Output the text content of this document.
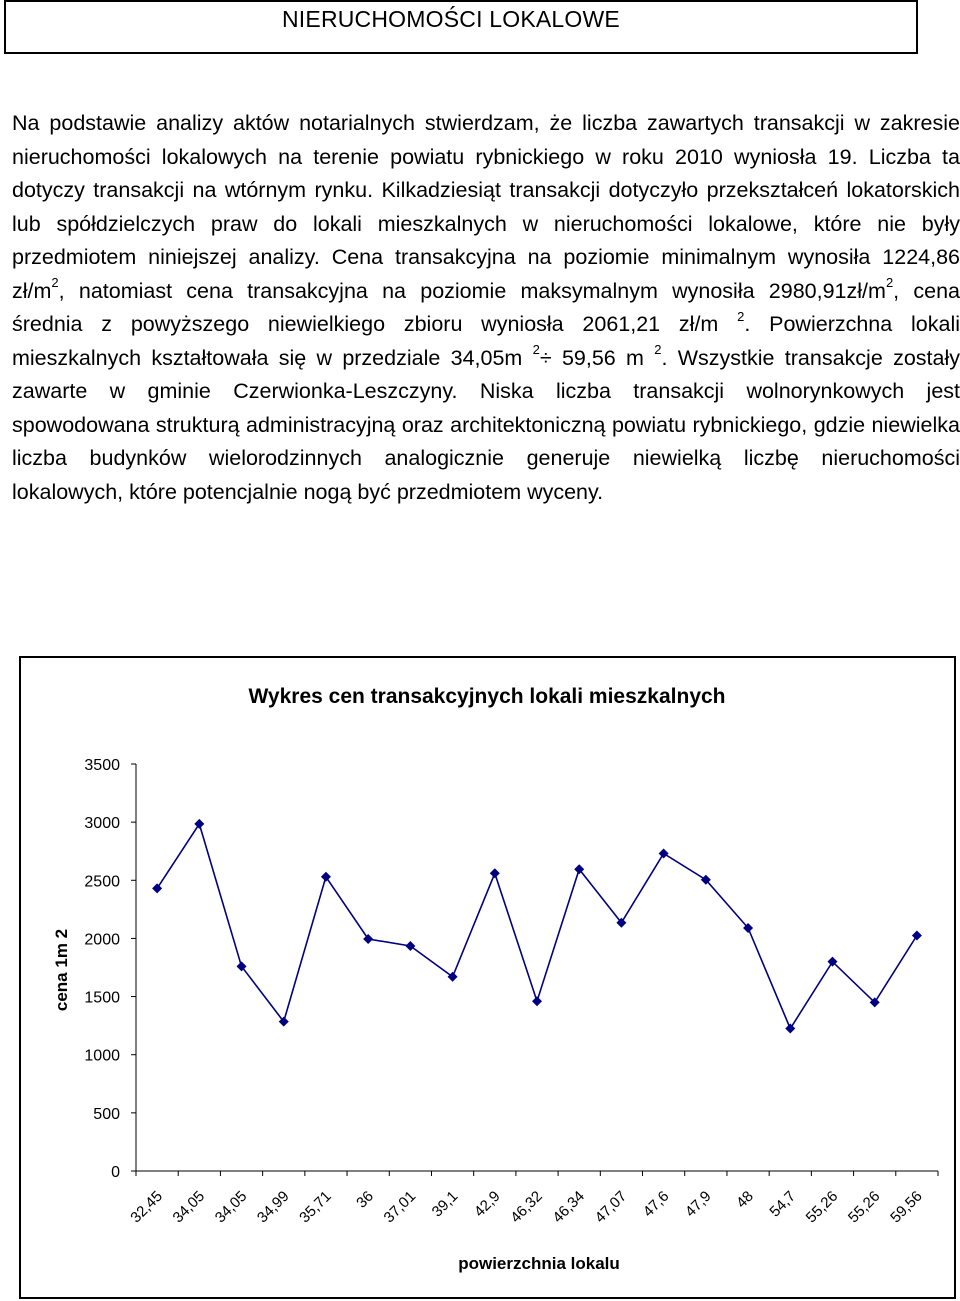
NIERUCHOMOŚCI LOKALOWE
Na podstawie analizy aktów notarialnych stwierdzam, że liczba zawartych transakcji w zakresie nieruchomości lokalowych na terenie powiatu rybnickiego w roku 2010 wyniosła 19. Liczba ta dotyczy transakcji na wtórnym rynku. Kilkadziesiąt transakcji dotyczyło przekształceń lokatorskich lub spółdzielczych praw do lokali mieszkalnych w nieruchomości lokalowe, które nie były przedmiotem niniejszej analizy. Cena transakcyjna na poziomie minimalnym wynosiła 1224,86 $zł/m^2$, natomiast cena transakcyjna na poziomie maksymalnym wynosiła $2980,91zł/m^2$, cena średnia z powyższego niewielkiego zbioru wyniosła 2061,21 zł/m $^2$. Powierzchna lokali mieszkalnych kształtowała się w przedziale 34,05m $^2$÷ 59,56 m $^2$. Wszystkie transakcje zostały zawarte w gminie Czerwionka-Leszczyny. Niska liczba transakcji wolnorynkowych jest spowodowana strukturą administracyjną oraz architektoniczną powiatu rybnickiego, gdzie niewielka liczba budynków wielorodzinnych analogicznie generuje niewielką liczbę nieruchomości lokalowych, które potencjalnie nogą być przedmiotem wyceny.
Wykres cen transakcyjnych lokali mieszkalnych
cena 1m 2
powierzchnia lokalu
0
500
1000
1500
2000
2500
3000
3500
32,45 34,05 34,05 34,99 35,71 36 37,01 39,1 42,9 46,32 46,34 47,07 47,6 47,9 48 54,7 55,26 55,26 59,56
